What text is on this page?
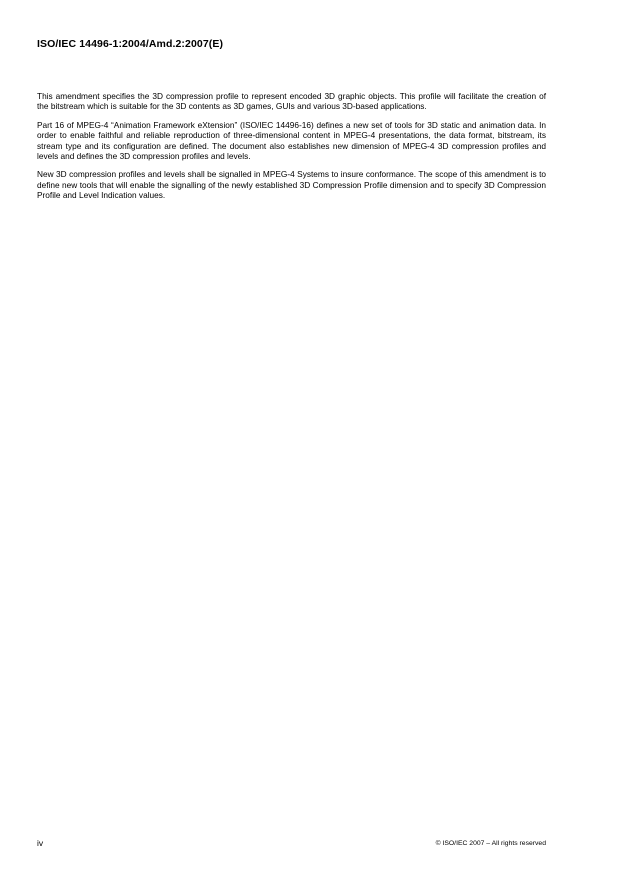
ISO/IEC 14496-1:2004/Amd.2:2007(E)

This amendment specifies the 3D compression profile to represent encoded 3D graphic objects. This profile will facilitate the creation of the bitstream which is suitable for the 3D contents as 3D games, GUIs and various 3D-based applications.

Part 16 of MPEG-4 “Animation Framework eXtension” (ISO/IEC 14496-16) defines a new set of tools for 3D static and animation data. In order to enable faithful and reliable reproduction of three-dimensional content in MPEG-4 presentations, the data format, bitstream, its stream type and its configuration are defined. The document also establishes new dimension of MPEG-4 3D compression profiles and levels and defines the 3D compression profiles and levels.

New 3D compression profiles and levels shall be signalled in MPEG-4 Systems to insure conformance. The scope of this amendment is to define new tools that will enable the signalling of the newly established 3D Compression Profile dimension and to specify 3D Compression Profile and Level Indication values.

iv	© ISO/IEC 2007 – All rights reserved
